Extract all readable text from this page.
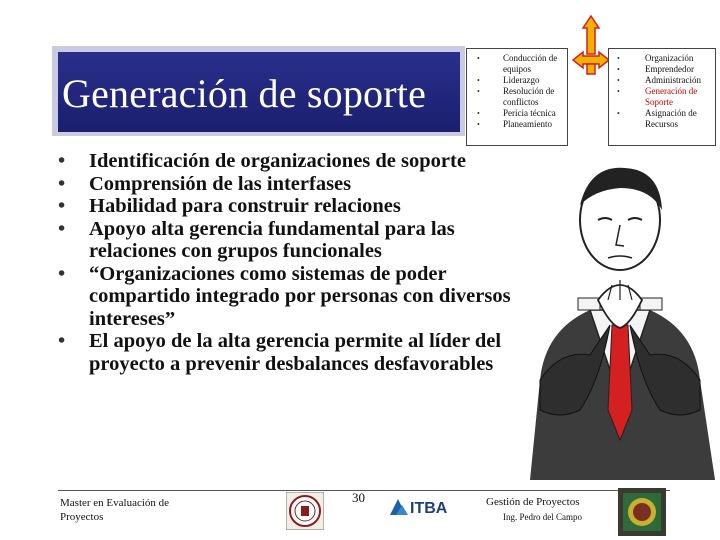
Generación de soporte
• Conducción de equipos
• Liderazgo
• Resolución de conflictos
• Pericia técnica
• Planeamiento
• Organización
• Emprendedor
• Administración
• Generación de Soporte
• Asignación de Recursos
• Identificación de organizaciones de soporte
• Comprensión de las interfases
• Habilidad para construir relaciones
• Apoyo alta gerencia fundamental para las relaciones con grupos funcionales
• “Organizaciones como sistemas de poder compartido integrado por personas con diversos intereses”
• El apoyo de la alta gerencia permite al líder del proyecto a prevenir desbalances desfavorables
Master en Evaluación de Proyectos
30
ITBA	Gestión de Proyectos
Ing. Pedro del Campo
